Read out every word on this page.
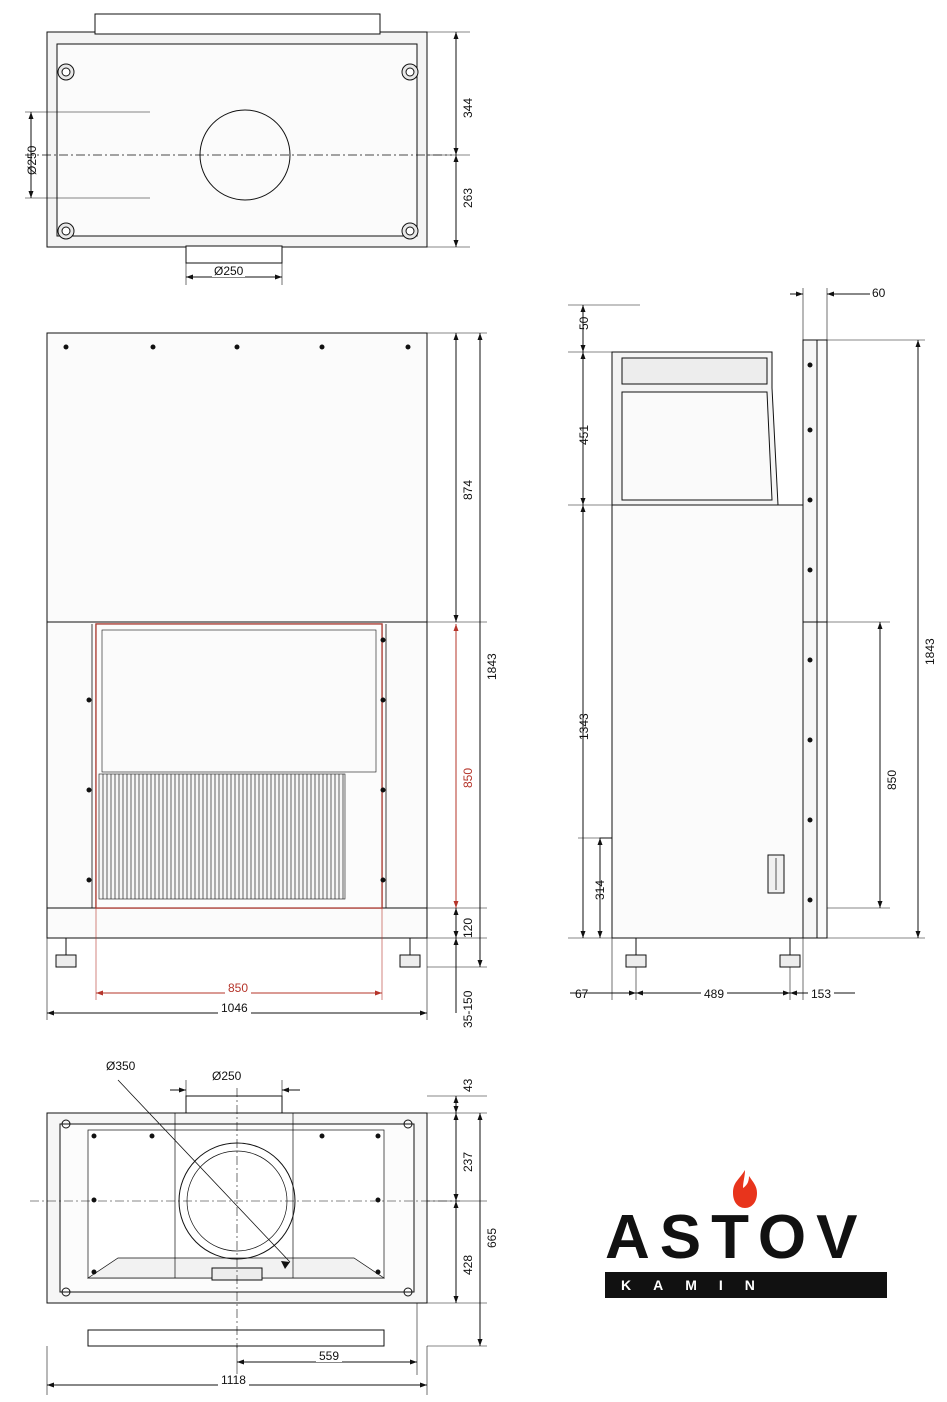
Ø250
344
263
Ø250
874
1843
850
120
35-150
850
1046
50
451
1343
314
1843
850
60
67	489	153
Ø350
Ø250
43
237
428
665
559
1118
ASTOV
KAMIN
